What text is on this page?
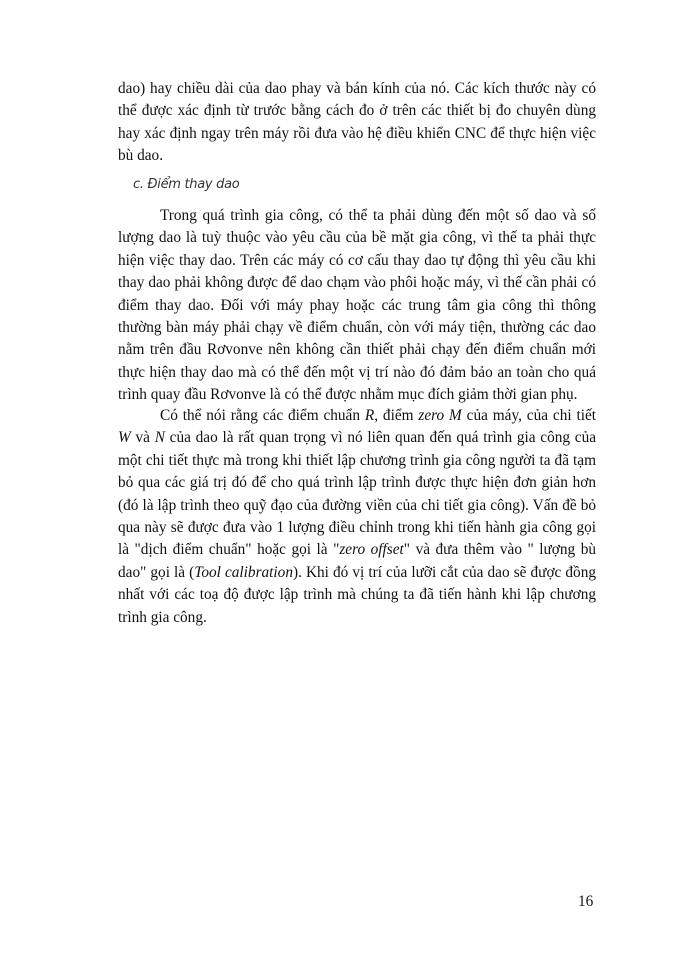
dao) hay chiều dài của dao phay và bán kính của nó. Các kích thước này có thể được xác định từ trước bằng cách đo ở trên các thiết bị đo chuyên dùng hay xác định ngay trên máy rồi đưa vào hệ điều khiển CNC để thực hiện việc bù dao.

c. Điểm thay dao

Trong quá trình gia công, có thể ta phải dùng đến một số dao và số lượng dao là tuỳ thuộc vào yêu cầu của bề mặt gia công, vì thế ta phải thực hiện việc thay dao. Trên các máy có cơ cấu thay dao tự động thì yêu cầu khi thay dao phải không được để dao chạm vào phôi hoặc máy, vì thế cần phải có điểm thay dao. Đối với máy phay hoặc các trung tâm gia công thì thông thường bàn máy phải chạy về điểm chuẩn, còn với máy tiện, thường các dao nằm trên đầu Rơvonve nên không cần thiết phải chạy đến điểm chuẩn mới thực hiện thay dao mà có thể đến một vị trí nào đó đảm bảo an toàn cho quá trình quay đầu Rơvonve là có thể được nhằm mục đích giảm thời gian phụ.

Có thể nói rằng các điểm chuẩn R, điểm zero M của máy, của chi tiết W và N của dao là rất quan trọng vì nó liên quan đến quá trình gia công của một chi tiết thực mà trong khi thiết lập chương trình gia công người ta đã tạm bỏ qua các giá trị đó để cho quá trình lập trình được thực hiện đơn giản hơn (đó là lập trình theo quỹ đạo của đường viền của chi tiết gia công). Vấn đề bỏ qua này sẽ được đưa vào 1 lượng điều chỉnh trong khi tiến hành gia công gọi là "dịch điểm chuẩn" hoặc gọi là "zero offset" và đưa thêm vào " lượng bù dao" gọi là (Tool calibration). Khi đó vị trí của lưỡi cắt của dao sẽ được đồng nhất với các toạ độ được lập trình mà chúng ta đã tiến hành khi lập chương trình gia công.

16
